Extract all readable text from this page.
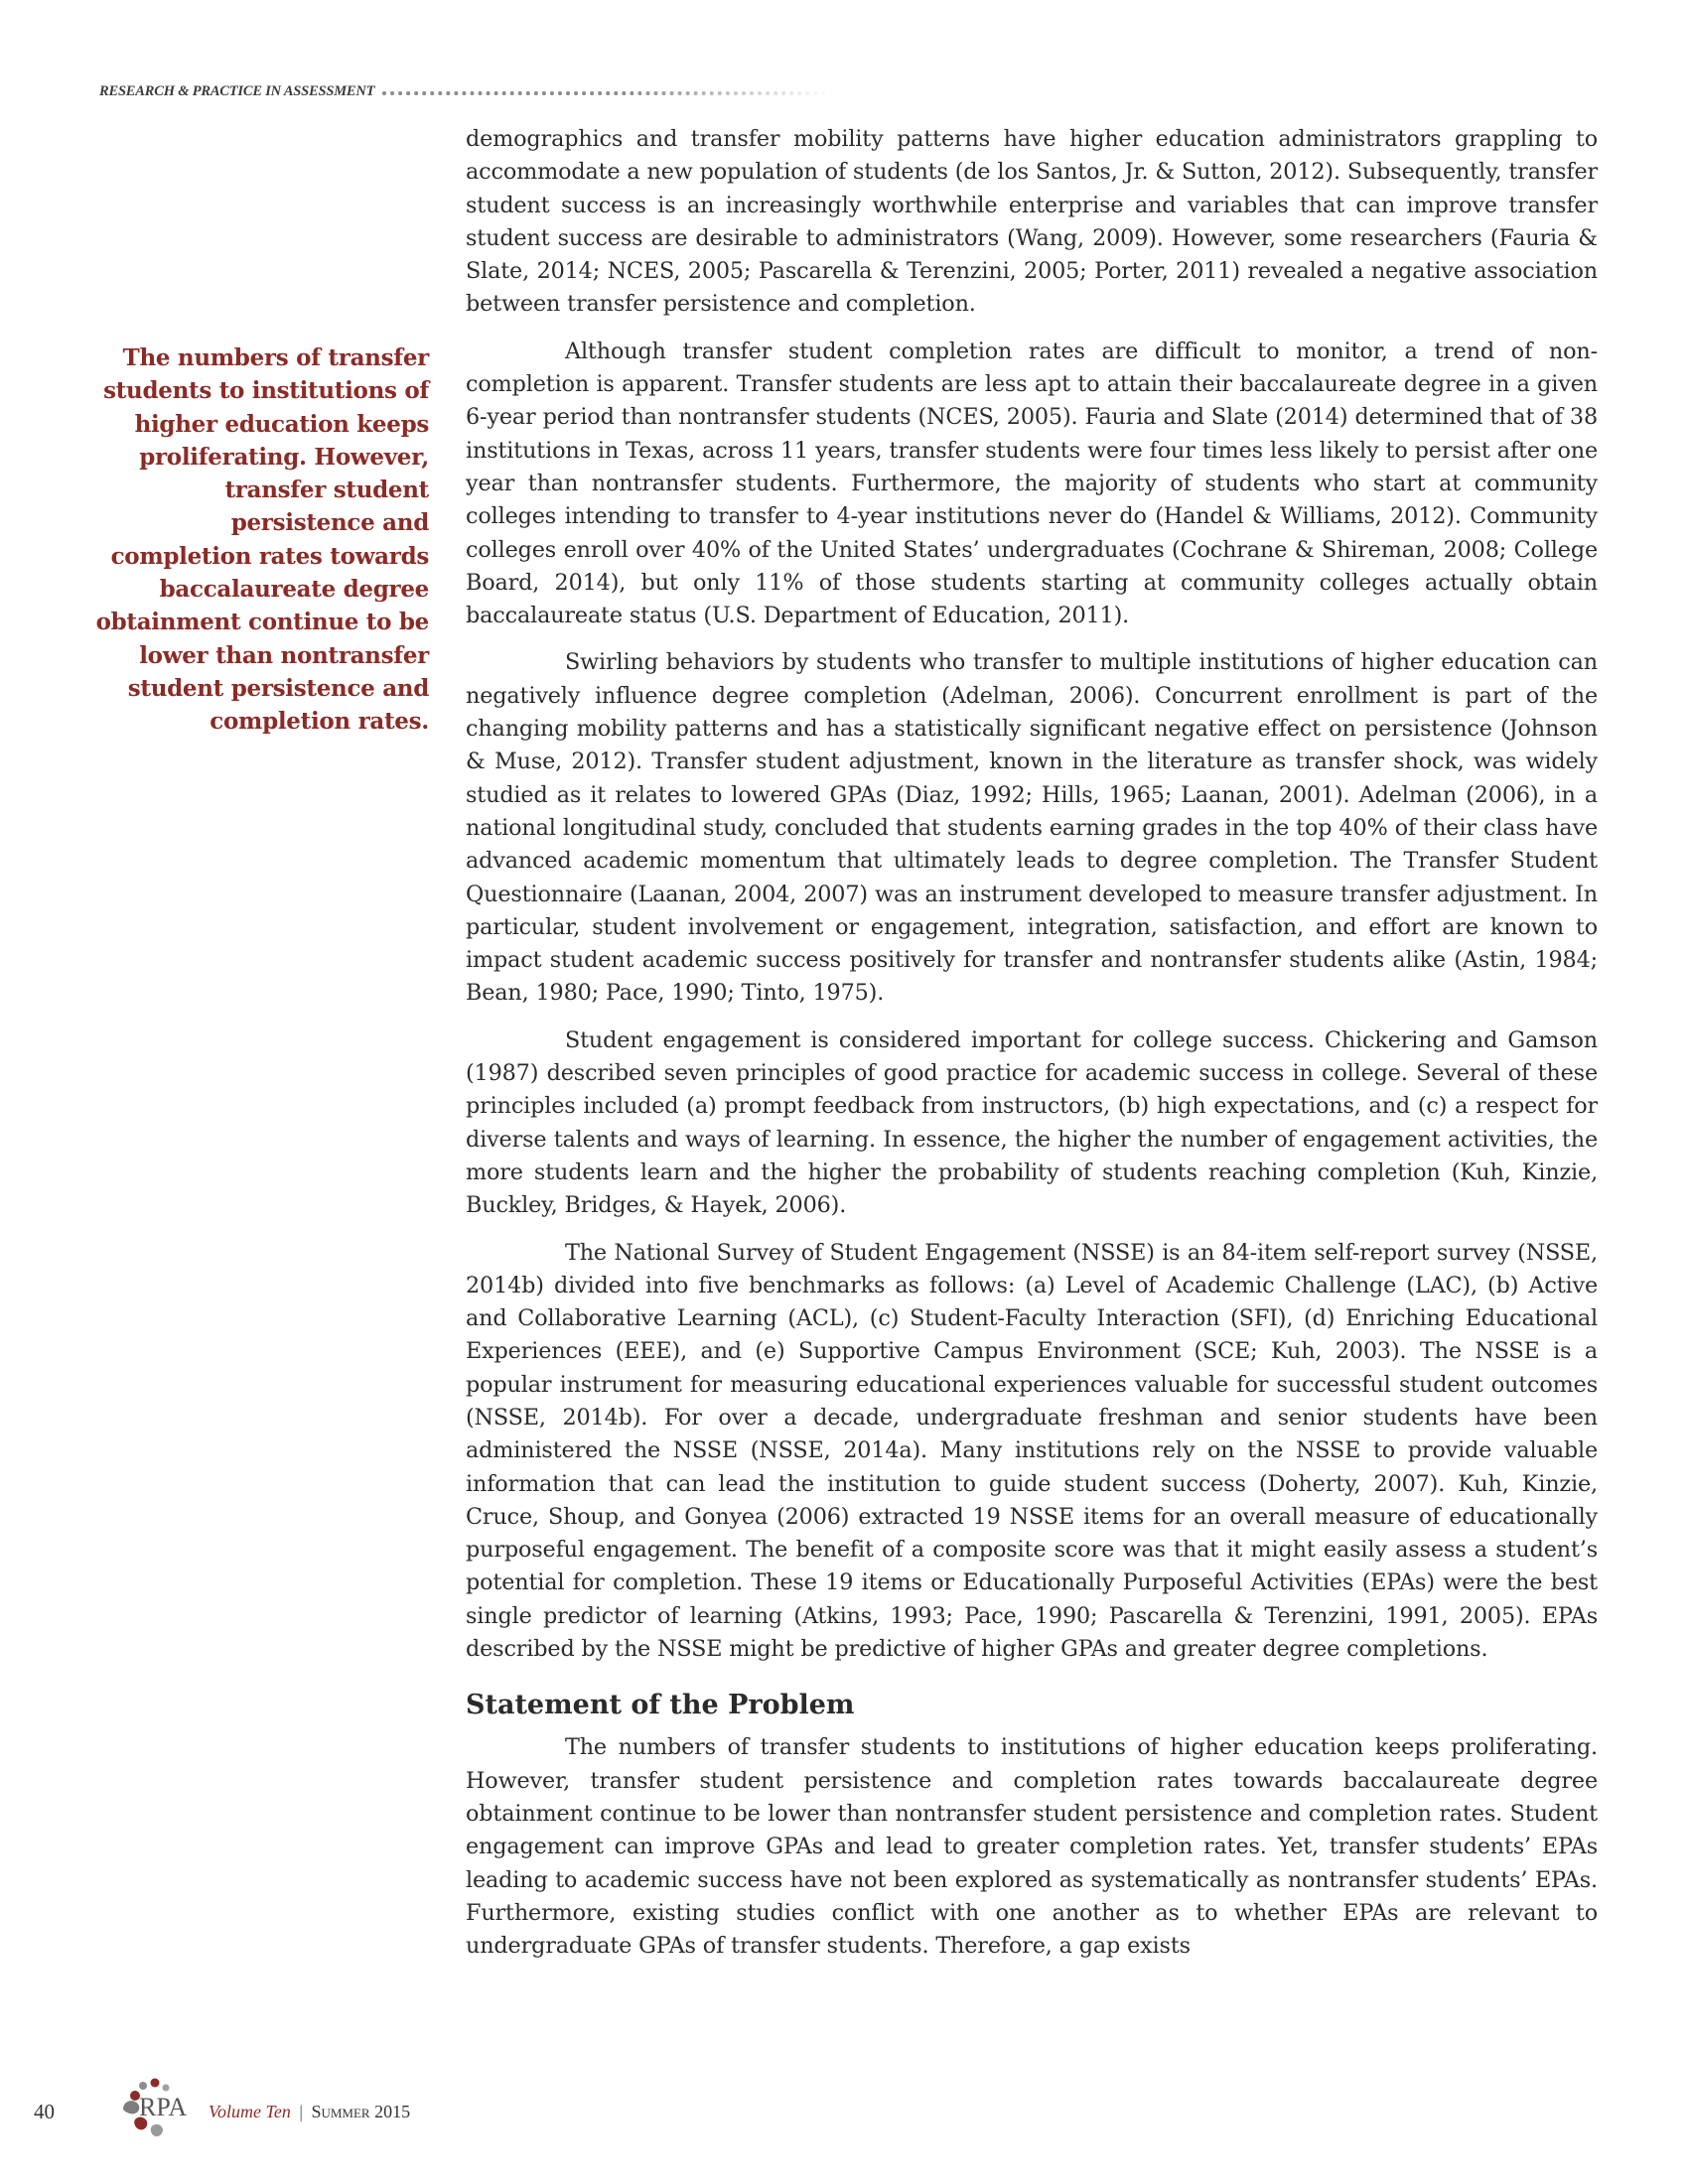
RESEARCH & PRACTICE IN ASSESSMENT
The numbers of transfer students to institutions of higher education keeps proliferating. However, transfer student persistence and completion rates towards baccalaureate degree obtainment continue to be lower than nontransfer student persistence and completion rates.

demographics and transfer mobility patterns have higher education administrators grappling to accommodate a new population of students (de los Santos, Jr. & Sutton, 2012). Subsequently, transfer student success is an increasingly worthwhile enterprise and variables that can improve transfer student success are desirable to administrators (Wang, 2009). However, some researchers (Fauria & Slate, 2014; NCES, 2005; Pascarella & Terenzini, 2005; Porter, 2011) revealed a negative association between transfer persistence and completion.

Although transfer student completion rates are difficult to monitor, a trend of non-completion is apparent. Transfer students are less apt to attain their baccalaureate degree in a given 6-year period than nontransfer students (NCES, 2005). Fauria and Slate (2014) determined that of 38 institutions in Texas, across 11 years, transfer students were four times less likely to persist after one year than nontransfer students. Furthermore, the majority of students who start at community colleges intending to transfer to 4-year institutions never do (Handel & Williams, 2012). Community colleges enroll over 40% of the United States’ undergraduates (Cochrane & Shireman, 2008; College Board, 2014), but only 11% of those students starting at community colleges actually obtain baccalaureate status (U.S. Department of Education, 2011).

Swirling behaviors by students who transfer to multiple institutions of higher education can negatively influence degree completion (Adelman, 2006). Concurrent enrollment is part of the changing mobility patterns and has a statistically significant negative effect on persistence (Johnson & Muse, 2012). Transfer student adjustment, known in the literature as transfer shock, was widely studied as it relates to lowered GPAs (Diaz, 1992; Hills, 1965; Laanan, 2001). Adelman (2006), in a national longitudinal study, concluded that students earning grades in the top 40% of their class have advanced academic momentum that ultimately leads to degree completion. The Transfer Student Questionnaire (Laanan, 2004, 2007) was an instrument developed to measure transfer adjustment. In particular, student involvement or engagement, integration, satisfaction, and effort are known to impact student academic success positively for transfer and nontransfer students alike (Astin, 1984; Bean, 1980; Pace, 1990; Tinto, 1975).

Student engagement is considered important for college success. Chickering and Gamson (1987) described seven principles of good practice for academic success in college. Several of these principles included (a) prompt feedback from instructors, (b) high expectations, and (c) a respect for diverse talents and ways of learning. In essence, the higher the number of engagement activities, the more students learn and the higher the probability of students reaching completion (Kuh, Kinzie, Buckley, Bridges, & Hayek, 2006).

The National Survey of Student Engagement (NSSE) is an 84-item self-report survey (NSSE, 2014b) divided into five benchmarks as follows: (a) Level of Academic Challenge (LAC), (b) Active and Collaborative Learning (ACL), (c) Student-Faculty Interaction (SFI), (d) Enriching Educational Experiences (EEE), and (e) Supportive Campus Environment (SCE; Kuh, 2003). The NSSE is a popular instrument for measuring educational experiences valuable for successful student outcomes (NSSE, 2014b). For over a decade, undergraduate freshman and senior students have been administered the NSSE (NSSE, 2014a). Many institutions rely on the NSSE to provide valuable information that can lead the institution to guide student success (Doherty, 2007). Kuh, Kinzie, Cruce, Shoup, and Gonyea (2006) extracted 19 NSSE items for an overall measure of educationally purposeful engagement. The benefit of a composite score was that it might easily assess a student’s potential for completion. These 19 items or Educationally Purposeful Activities (EPAs) were the best single predictor of learning (Atkins, 1993; Pace, 1990; Pascarella & Terenzini, 1991, 2005). EPAs described by the NSSE might be predictive of higher GPAs and greater degree completions.

Statement of the Problem

The numbers of transfer students to institutions of higher education keeps proliferating. However, transfer student persistence and completion rates towards baccalaureate degree obtainment continue to be lower than nontransfer student persistence and completion rates. Student engagement can improve GPAs and lead to greater completion rates. Yet, transfer students’ EPAs leading to academic success have not been explored as systematically as nontransfer students’ EPAs. Furthermore, existing studies conflict with one another as to whether EPAs are relevant to undergraduate GPAs of transfer students. Therefore, a gap exists

40	RPA Volume Ten | Summer 2015
